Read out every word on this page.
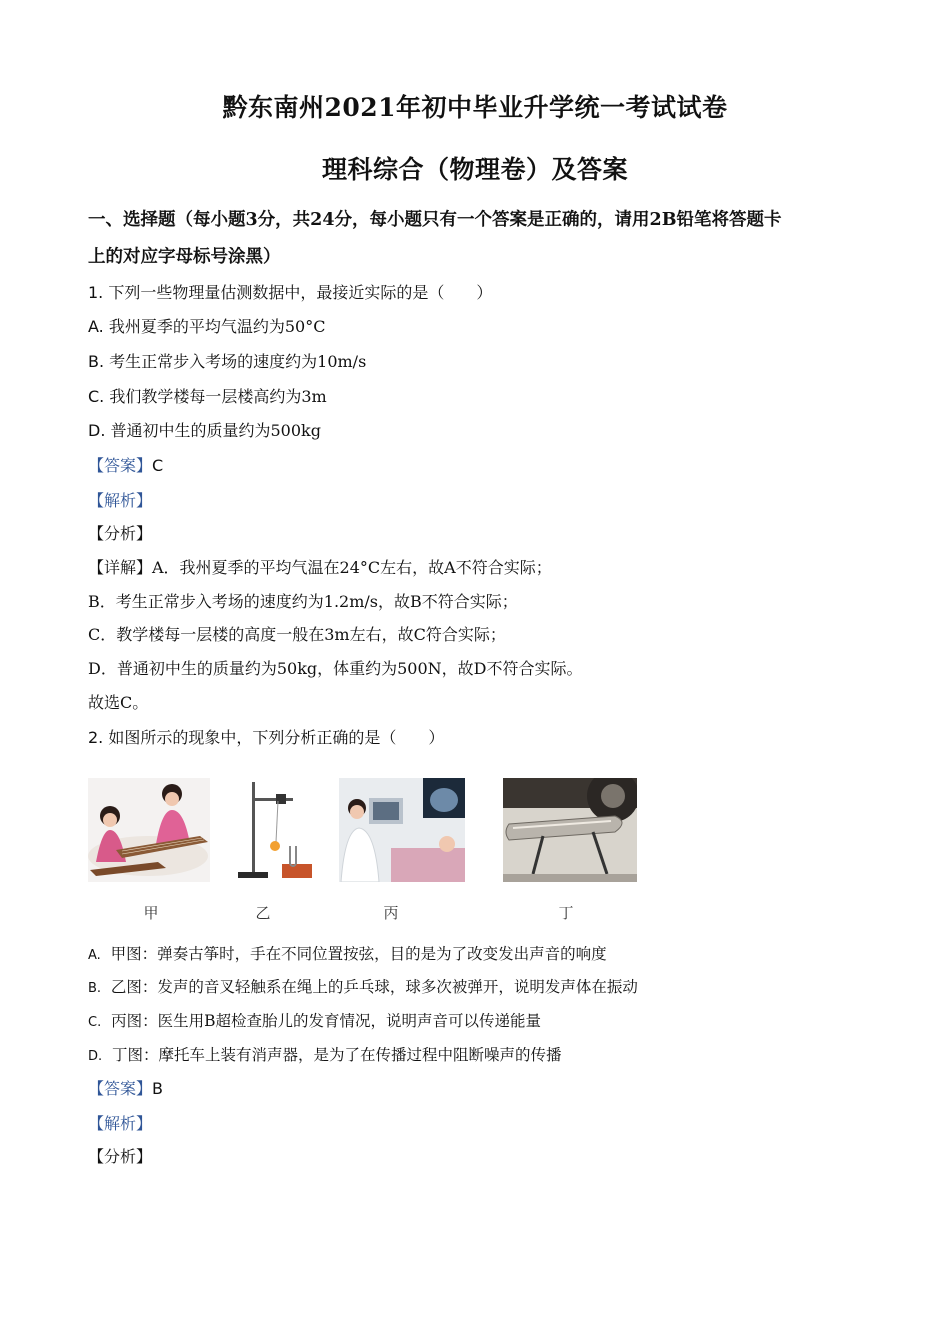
黔东南州2021年初中毕业升学统一考试试卷
理科综合（物理卷）及答案
一、选择题（每小题3分，共24分，每小题只有一个答案是正确的，请用2B铅笔将答题卡
上的对应字母标号涂黑）
1. 下列一些物理量估测数据中，最接近实际的是（　　）
A. 我州夏季的平均气温约为50°C
B. 考生正常步入考场的速度约为10m/s
C. 我们教学楼每一层楼高约为3m
D. 普通初中生的质量约为500kg
【答案】C
【解析】
【分析】
【详解】A．我州夏季的平均气温在24°C左右，故A不符合实际；
B．考生正常步入考场的速度约为1.2m/s，故B不符合实际；
C．教学楼每一层楼的高度一般在3m左右，故C符合实际；
D．普通初中生的质量约为50kg，体重约为500N，故D不符合实际。
故选C。
2. 如图所示的现象中，下列分析正确的是（　　）
甲	乙	丙	丁
A. 甲图：弹奏古筝时，手在不同位置按弦，目的是为了改变发出声音的响度
B. 乙图：发声的音叉轻触系在绳上的乒乓球，球多次被弹开，说明发声体在振动
C. 丙图：医生用B超检查胎儿的发育情况，说明声音可以传递能量
D. 丁图：摩托车上装有消声器，是为了在传播过程中阻断噪声的传播
【答案】B
【解析】
【分析】
